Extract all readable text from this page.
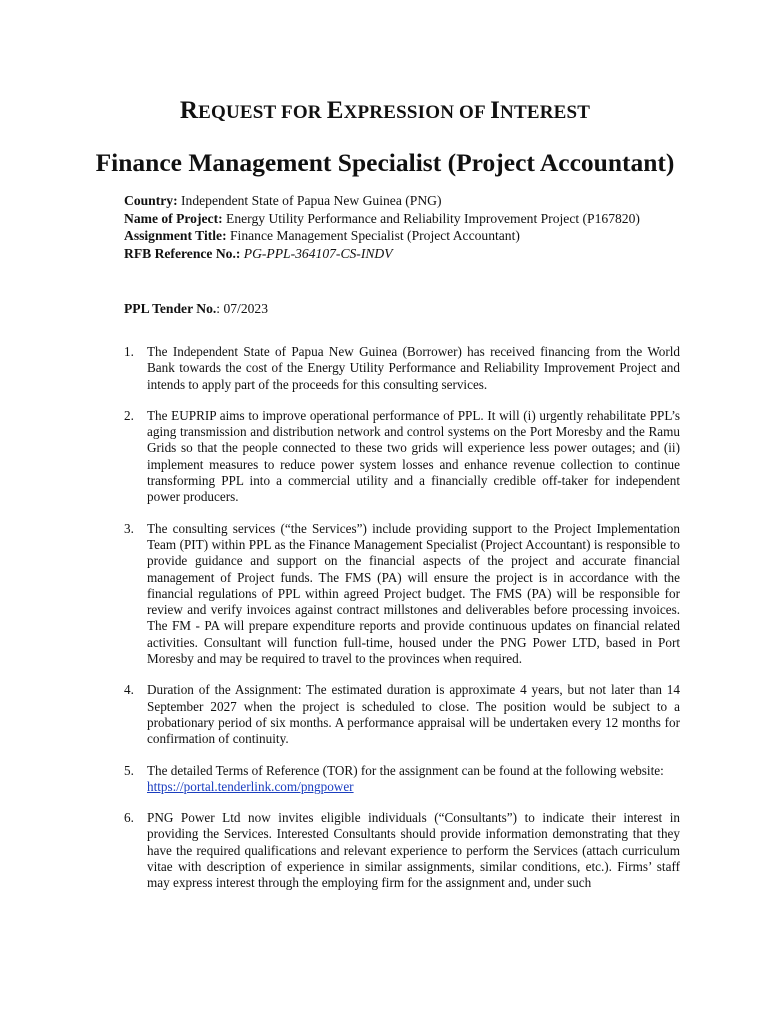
REQUEST FOR EXPRESSION OF INTEREST
Finance Management Specialist (Project Accountant)
Country: Independent State of Papua New Guinea (PNG)
Name of Project: Energy Utility Performance and Reliability Improvement Project (P167820)
Assignment Title: Finance Management Specialist (Project Accountant)
RFB Reference No.: PG-PPL-364107-CS-INDV
PPL Tender No.: 07/2023
1. The Independent State of Papua New Guinea (Borrower) has received financing from the World Bank towards the cost of the Energy Utility Performance and Reliability Improvement Project and intends to apply part of the proceeds for this consulting services.
2. The EUPRIP aims to improve operational performance of PPL. It will (i) urgently rehabilitate PPL’s aging transmission and distribution network and control systems on the Port Moresby and the Ramu Grids so that the people connected to these two grids will experience less power outages; and (ii) implement measures to reduce power system losses and enhance revenue collection to continue transforming PPL into a commercial utility and a financially credible off-taker for independent power producers.
3. The consulting services (“the Services”) include providing support to the Project Implementation Team (PIT) within PPL as the Finance Management Specialist (Project Accountant) is responsible to provide guidance and support on the financial aspects of the project and accurate financial management of Project funds. The FMS (PA) will ensure the project is in accordance with the financial regulations of PPL within agreed Project budget. The FMS (PA) will be responsible for review and verify invoices against contract millstones and deliverables before processing invoices. The FM - PA will prepare expenditure reports and provide continuous updates on financial related activities. Consultant will function full-time, housed under the PNG Power LTD, based in Port Moresby and may be required to travel to the provinces when required.
4. Duration of the Assignment: The estimated duration is approximate 4 years, but not later than 14 September 2027 when the project is scheduled to close. The position would be subject to a probationary period of six months. A performance appraisal will be undertaken every 12 months for confirmation of continuity.
5. The detailed Terms of Reference (TOR) for the assignment can be found at the following website:
https://portal.tenderlink.com/pngpower
6. PNG Power Ltd now invites eligible individuals (“Consultants”) to indicate their interest in providing the Services. Interested Consultants should provide information demonstrating that they have the required qualifications and relevant experience to perform the Services (attach curriculum vitae with description of experience in similar assignments, similar conditions, etc.). Firms’ staff may express interest through the employing firm for the assignment and, under such
